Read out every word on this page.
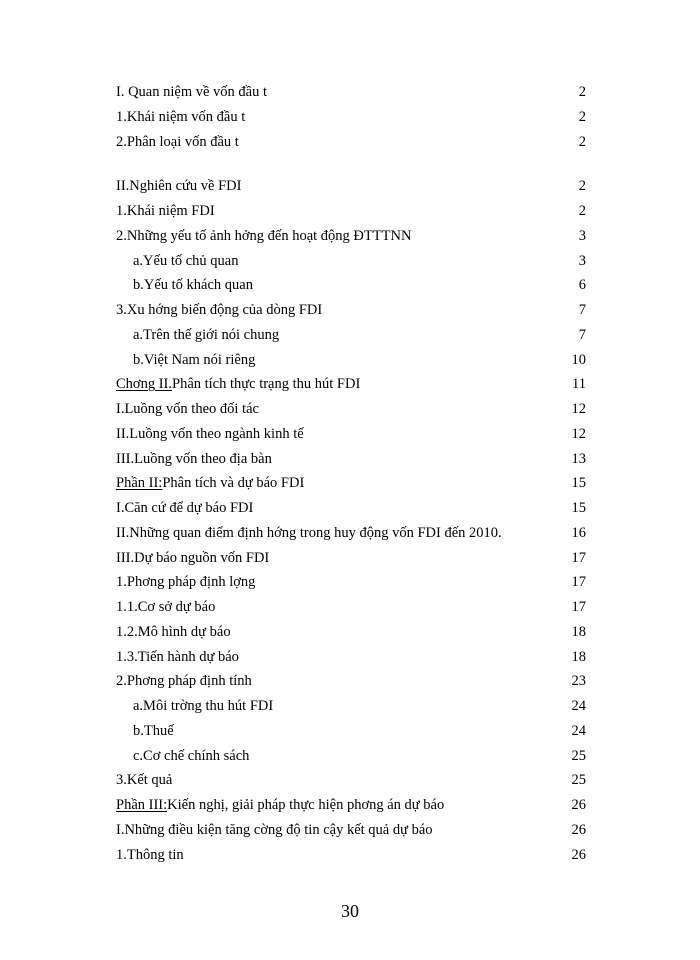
I. Quan niệm về vốn đầu t	2
1.Khái niệm vốn đầu t	2
2.Phân loại vốn đầu t	2
II.Nghiên cứu về FDI	2
1.Khái niệm FDI	2
2.Những yếu tố ảnh hởng đến hoạt động ĐTTTNN	3
a.Yếu tố chủ quan	3
b.Yếu tố khách quan	6
3.Xu hớng biến động của dòng FDI	7
a.Trên thế giới nói chung	7
b.Việt Nam nói riêng	10
Chơng II.Phân tích thực trạng thu hút FDI	11
I.Luồng vốn theo đối tác	12
II.Luồng vốn theo ngành kinh tế	12
III.Luồng vốn theo địa bàn	13
Phần II:Phân tích và dự báo FDI	15
I.Căn cứ để dự báo FDI	15
II.Những quan điểm định hớng trong huy động vốn FDI đến 2010.	16
III.Dự báo nguồn vốn FDI	17
1.Phơng pháp định lợng	17
1.1.Cơ sở dự báo	17
1.2.Mô hình dự báo	18
1.3.Tiến hành dự báo	18
2.Phơng pháp định tính	23
a.Môi trờng thu hút FDI	24
b.Thuế	24
c.Cơ chế chính sách	25
3.Kết quả	25
Phần III:Kiến nghị, giải pháp thực hiện phơng án dự báo	26
I.Những điều kiện tăng cờng độ tin cậy kết quả dự báo	26
1.Thông tin	26
30
